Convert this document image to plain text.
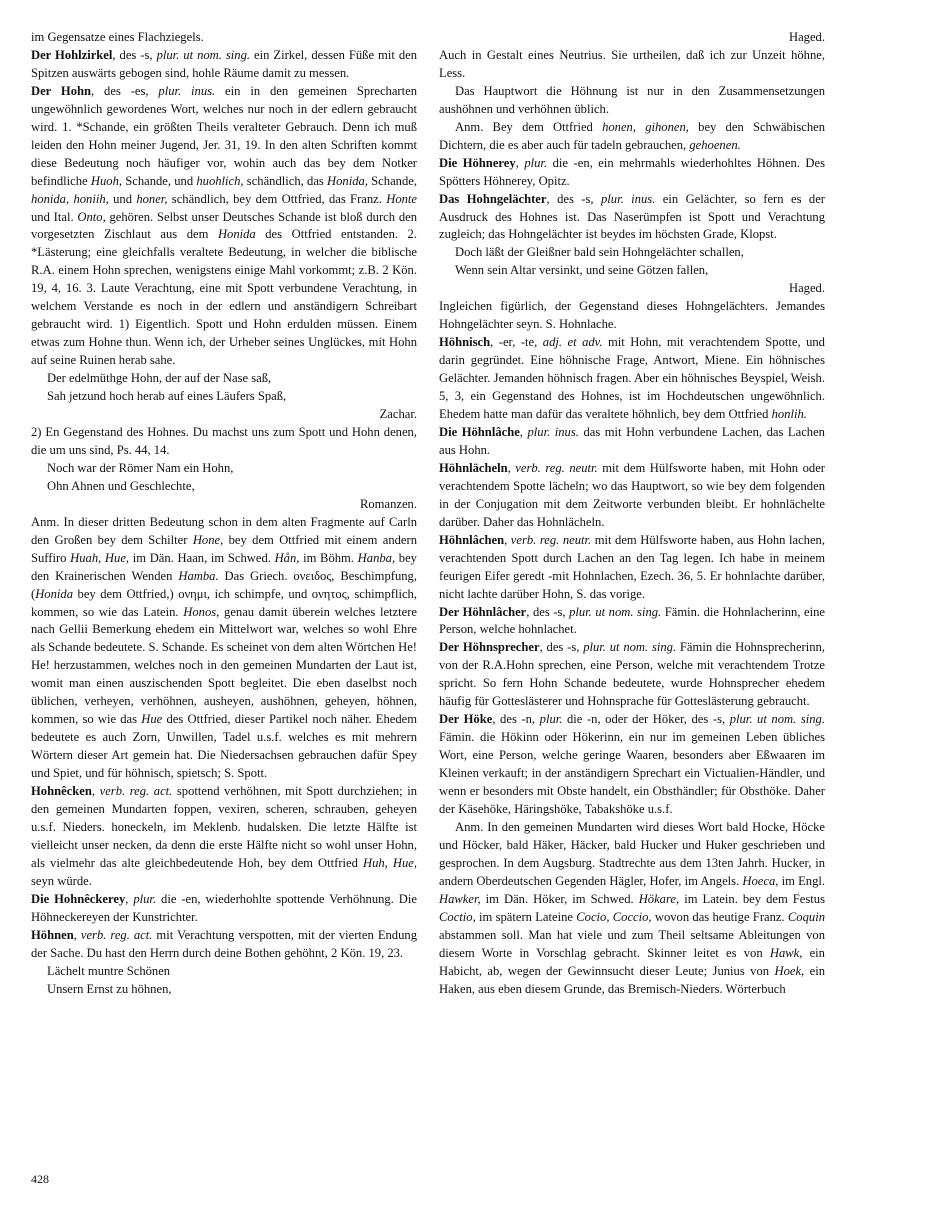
im Gegensatze eines Flachziegels.

Der Hohlzirkel, des -s, plur. ut nom. sing. ein Zirkel, dessen Füße mit den Spitzen auswärts gebogen sind, hohle Räume damit zu messen.

Der Hohn, des -es, plur. inus. ein in den gemeinen Sprecharten ungewöhnlich gewordenes Wort, welches nur noch in der edlern gebraucht wird. 1. *Schande, ein größten Theils veralteter Gebrauch. Denn ich muß leiden den Hohn meiner Jugend, Jer. 31, 19. In den alten Schriften kommt diese Bedeutung noch häufiger vor, wohin auch das bey dem Notker befindliche Huoh, Schande, und huohlich, schändlich, das Honida, Schande, honida, honiih, und honer, schändlich, bey dem Ottfried, das Franz. Honte und Ital. Onto, gehören. Selbst unser Deutsches Schande ist bloß durch den vorgesetzten Zischlaut aus dem Honida des Ottfried entstanden. 2. *Lästerung; eine gleichfalls veraltete Bedeutung, in welcher die biblische R.A. einem Hohn sprechen, wenigstens einige Mahl vorkommt; z.B. 2 Kön. 19, 4, 16. 3. Laute Verachtung, eine mit Spott verbundene Verachtung, in welchem Verstande es noch in der edlern und anständigern Schreibart gebraucht wird. 1) Eigentlich. Spott und Hohn erdulden müssen. Einem etwas zum Hohne thun. Wenn ich, der Urheber seines Unglückes, mit Hohn auf seine Ruinen herab sahe.

Der edelmüthge Hohn, der auf der Nase saß,

Sah jetzund hoch herab auf eines Läufers Spaß,

Zachar.

2) En Gegenstand des Hohnes. Du machst uns zum Spott und Hohn denen, die um uns sind, Ps. 44, 14.

Noch war der Römer Nam ein Hohn,

Ohn Ahnen und Geschlechte,

Romanzen.

Anm. In dieser dritten Bedeutung schon in dem alten Fragmente auf Carln den Großen bey dem Schilter Hone, bey dem Ottfried mit einem andern Suffiro Huah, Hue, im Dän. Haan, im Schwed. Hån, im Böhm. Hanba, bey den Krainerischen Wenden Hamba. Das Griech. ονειδος, Beschimpfung, (Honida bey dem Ottfried,) ονημι, ich schimpfe, und ονητος, schimpflich, kommen, so wie das Latein. Honos, genau damit überein welches letztere nach Gellii Bemerkung ehedem ein Mittelwort war, welches so wohl Ehre als Schande bedeutete. S. Schande. Es scheinet von dem alten Wörtchen He! He! herzustammen, welches noch in den gemeinen Mundarten der Laut ist, womit man einen auszischenden Spott begleitet. Die eben daselbst noch üblichen, verheyen, verhöhnen, ausheyen, aushöhnen, geheyen, höhnen, kommen, so wie das Hue des Ottfried, dieser Partikel noch näher. Ehedem bedeutete es auch Zorn, Unwillen, Tadel u.s.f. welches es mit mehrern Wörtern dieser Art gemein hat. Die Niedersachsen gebrauchen dafür Spey und Spiet, und für höhnisch, spietsch; S. Spott.

Hohnêcken, verb. reg. act. spottend verhöhnen, mit Spott durchziehen; in den gemeinen Mundarten foppen, vexiren, scheren, schrauben, geheyen u.s.f. Nieders. honeckeln, im Meklenb. hudalsken. Die letzte Hälfte ist vielleicht unser necken, da denn die erste Hälfte nicht so wohl unser Hohn, als vielmehr das alte gleichbedeutende Hoh, bey dem Ottfried Huh, Hue, seyn würde.

Die Hohnêckerey, plur. die -en, wiederhohlte spottende Verhöhnung. Die Höhneckereyen der Kunstrichter.

Höhnen, verb. reg. act. mit Verachtung verspotten, mit der vierten Endung der Sache. Du hast den Herrn durch deine Bothen gehöhnt, 2 Kön. 19, 23.

Lächelt muntre Schönen

Unsern Ernst zu höhnen,

Haged.

Auch in Gestalt eines Neutrius. Sie urtheilen, daß ich zur Unzeit höhne, Less.

Das Hauptwort die Höhnung ist nur in den Zusammensetzungen aushöhnen und verhöhnen üblich.

Anm. Bey dem Ottfried honen, gihonen, bey den Schwäbischen Dichtern, die es aber auch für tadeln gebrauchen, gehoenen.

Die Höhnerey, plur. die -en, ein mehrmahls wiederhohltes Höhnen. Des Spötters Höhnerey, Opitz.

Das Hohngelächter, des -s, plur. inus. ein Gelächter, so fern es der Ausdruck des Hohnes ist. Das Naserümpfen ist Spott und Verachtung zugleich; das Hohngelächter ist beydes im höchsten Grade, Klopst.

Doch läßt der Gleißner bald sein Hohngelächter schallen,

Wenn sein Altar versinkt, und seine Götzen fallen,

Haged.

Ingleichen figürlich, der Gegenstand dieses Hohngelächters. Jemandes Hohngelächter seyn. S. Hohnlache.

Höhnisch, -er, -te, adj. et adv. mit Hohn, mit verachtendem Spotte, und darin gegründet. Eine höhnische Frage, Antwort, Miene. Ein höhnisches Gelächter. Jemanden höhnisch fragen. Aber ein höhnisches Beyspiel, Weish. 5, 3, ein Gegenstand des Hohnes, ist im Hochdeutschen ungewöhnlich. Ehedem hatte man dafür das veraltete höhnlich, bey dem Ottfried honlih.

Die Höhnlâche, plur. inus. das mit Hohn verbundene Lachen, das Lachen aus Hohn.

Höhnlächeln, verb. reg. neutr. mit dem Hülfsworte haben, mit Hohn oder verachtendem Spotte lächeln; wo das Hauptwort, so wie bey dem folgenden in der Conjugation mit dem Zeitworte verbunden bleibt. Er hohnlächelte darüber. Daher das Hohnlächeln.

Höhnlâchen, verb. reg. neutr. mit dem Hülfsworte haben, aus Hohn lachen, verachtenden Spott durch Lachen an den Tag legen. Ich habe in meinem feurigen Eifer geredt -mit Hohnlachen, Ezech. 36, 5. Er hohnlachte darüber, nicht lachte darüber Hohn, S. das vorige.

Der Höhnlâcher, des -s, plur. ut nom. sing. Fämin. die Hohnlacherinn, eine Person, welche hohnlachet.

Der Höhnsprecher, des -s, plur. ut nom. sing. Fämin die Hohnsprecherinn, von der R.A.Hohn sprechen, eine Person, welche mit verachtendem Trotze spricht. So fern Hohn Schande bedeutete, wurde Hohnsprecher ehedem häufig für Gotteslästerer und Hohnsprache für Gotteslästerung gebraucht.

Der Höke, des -n, plur. die -n, oder der Höker, des -s, plur. ut nom. sing. Fämin. die Hökinn oder Hökerinn, ein nur im gemeinen Leben übliches Wort, eine Person, welche geringe Waaren, besonders aber Eßwaaren im Kleinen verkauft; in der anständigern Sprechart ein Victualien-Händler, und wenn er besonders mit Obste handelt, ein Obsthändler; für Obsthöke. Daher der Käsehöke, Häringshöke, Tabakshöke u.s.f.

Anm. In den gemeinen Mundarten wird dieses Wort bald Hocke, Höcke und Höcker, bald Häker, Häcker, bald Hucker und Huker geschrieben und gesprochen. In dem Augsburg. Stadtrechte aus dem 13ten Jahrh. Hucker, in andern Oberdeutschen Gegenden Hägler, Hofer, im Angels. Hoeca, im Engl. Hawker, im Dän. Höker, im Schwed. Hökare, im Latein. bey dem Festus Coctio, im spätern Lateine Cocio, Coccio, wovon das heutige Franz. Coquin abstammen soll. Man hat viele und zum Theil seltsame Ableitungen von diesem Worte in Vorschlag gebracht. Skinner leitet es von Hawk, ein Habicht, ab, wegen der Gewinnsucht dieser Leute; Junius von Hoek, ein Haken, aus eben diesem Grunde, das Bremisch-Nieders. Wörterbuch

428
